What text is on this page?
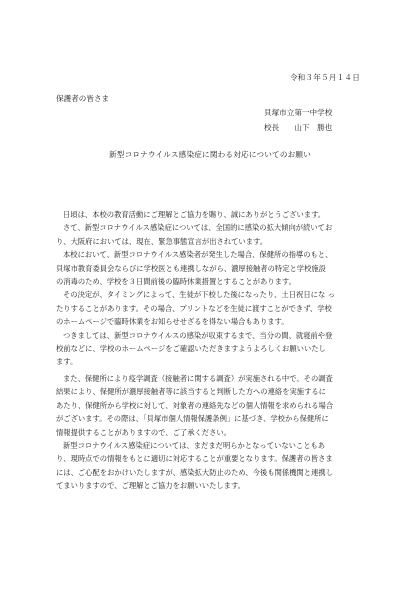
令和３年５月１４日
保護者の皆さま
貝塚市立第一中学校
校長　　山下　勝也
新型コロナウイルス感染症に関わる対応についてのお願い

日頃は、本校の教育活動にご理解とご協力を賜り、誠にありがとうございます。

さて、新型コロナウイルス感染症については、全国的に感染の拡大傾向が続いてお

り、大阪府においては、現在、緊急事態宣言が出されています。

本校において、新型コロナウイルス感染者が発生した場合、保健所の指導のもと、

貝塚市教育委員会ならびに学校医とも連携しながら、濃厚接触者の特定と学校施設

の消毒のため、学校を３日間前後の臨時休業措置とすることがあります。

その決定が、タイミングによって、生徒が下校した後になったり、土日祝日にな っ

たりすることがあります。その場合、プリントなどを生徒に渡すことができず、学校

のホームページで臨時休業をお知らせせざるを得ない場合もあります。

つきましては、新型コロナウイルスの感染が収束するまで、当分の間、就寝前や登

校前などに、学校のホームページをご確認いただきますようよろしくお願いいたし

ます。

また、保健所により疫学調査（接触者に関する調査）が実施される中で、その調査

結果により、保健所が濃厚接触者等に該当すると判断した方への連絡を実施するに

あたり、保健所から学校に対して、対象者の連絡先などの個人情報を求められる場合

がございます。その際は、「貝塚市個人情報保護条例」に基づき、学校から保健所に

情報提供することがありますので、ご了承ください。

新型コロナウイルス感染症については、まだまだ明らかとなっていないこともあ

り、現時点での情報をもとに適切に対応することが重要となります。保護者の皆さま

には、ご心配をおかけいたしますが、感染拡大防止のため、今後も関係機関と連携し

てまいりますので、ご理解とご協力をお願いいたします。
